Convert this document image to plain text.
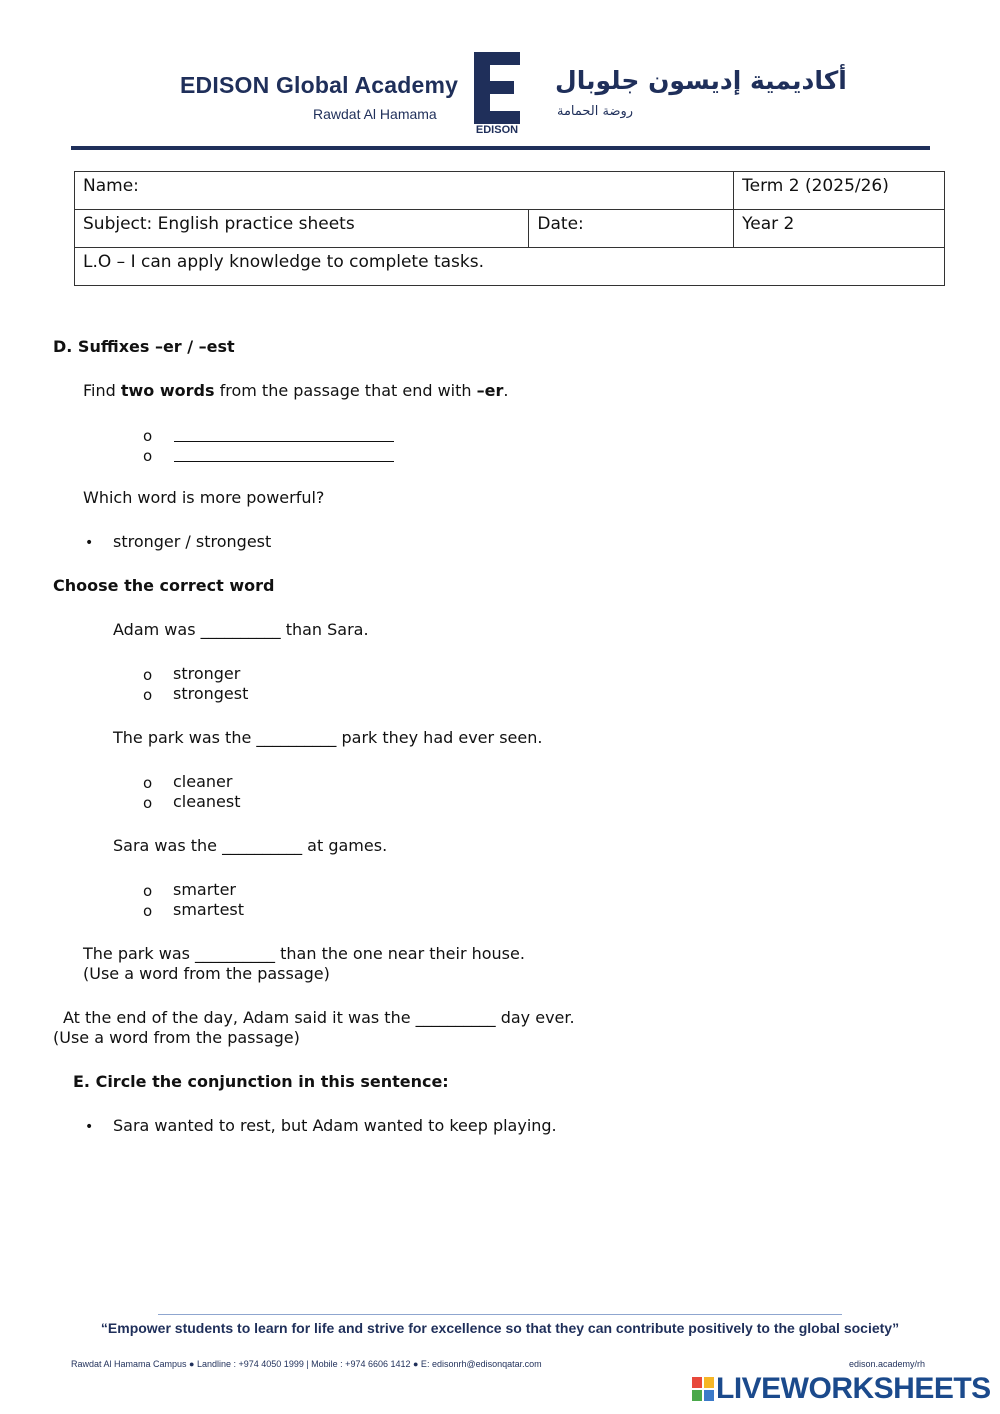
EDISON Global Academy
Rawdat Al Hamama
EDISON
أكاديمية إديسون جلوبال
روضة الحمامة
Name:		Term 2 (2025/26)
Subject: English practice sheets	Date:	Year 2
L.O – I can apply knowledge to complete tasks.		
D. Suffixes –er / –est
Find two words from the passage that end with –er.
o
o
Which word is more powerful?
• stronger / strongest
Choose the correct word
Adam was __________ than Sara.
o stronger
o strongest
The park was the __________ park they had ever seen.
o cleaner
o cleanest
Sara was the __________ at games.
o smarter
o smartest
The park was __________ than the one near their house.
(Use a word from the passage)
At the end of the day, Adam said it was the __________ day ever.
(Use a word from the passage)
E. Circle the conjunction in this sentence:
• Sara wanted to rest, but Adam wanted to keep playing.
“Empower students to learn for life and strive for excellence so that they can contribute positively to the global society”
Rawdat Al Hamama Campus ● Landline : +974 4050 1999 | Mobile : +974 6606 1412 ● E: edisonrh@edisonqatar.com	edison.academy/rh
LIVEWORKSHEETS
